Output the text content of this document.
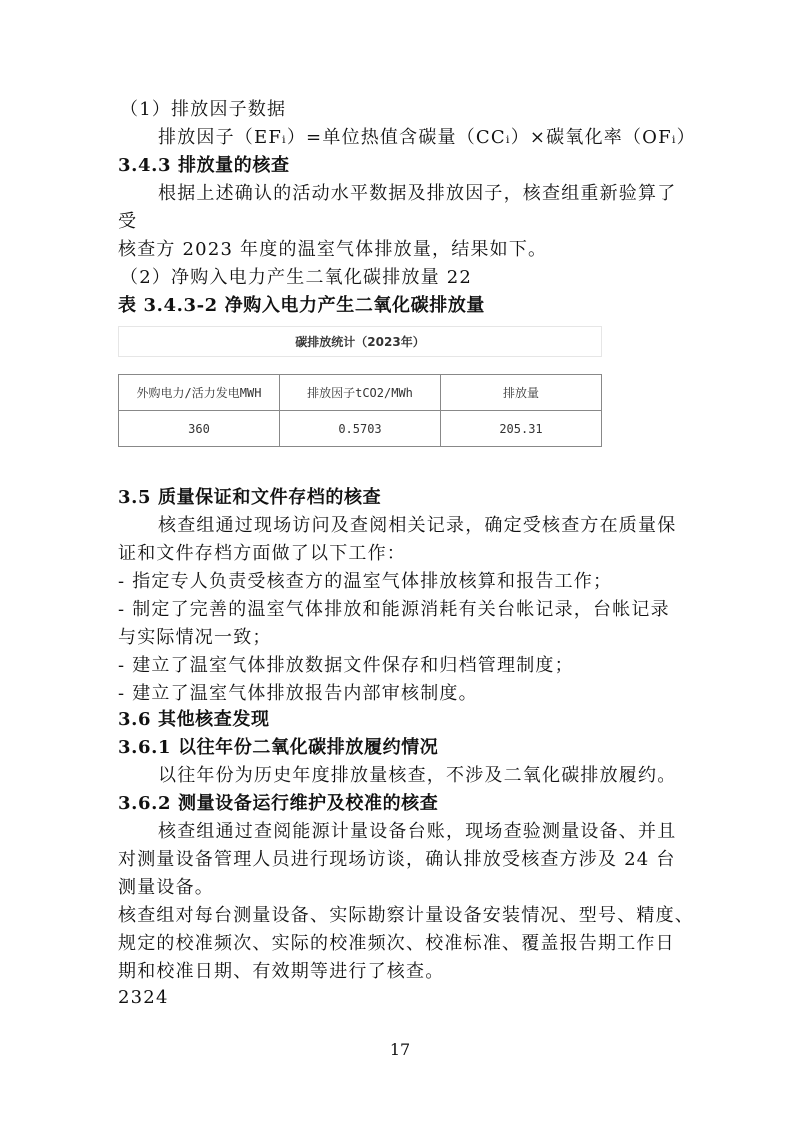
（1）排放因子数据
排放因子（EFᵢ）=单位热值含碳量（CCᵢ）×碳氧化率（OFᵢ）
3.4.3 排放量的核查
根据上述确认的活动水平数据及排放因子，核查组重新验算了
受
核查方 2023 年度的温室气体排放量，结果如下。
（2）净购入电力产生二氧化碳排放量 22
表 3.4.3-2 净购入电力产生二氧化碳排放量
碳排放统计（2023年）
外购电力/活力发电MWH	排放因子tCO2/MWh	排放量
360	0.5703	205.31
3.5 质量保证和文件存档的核查
核查组通过现场访问及查阅相关记录，确定受核查方在质量保
证和文件存档方面做了以下工作：
- 指定专人负责受核查方的温室气体排放核算和报告工作；
- 制定了完善的温室气体排放和能源消耗有关台帐记录，台帐记录
与实际情况一致；
- 建立了温室气体排放数据文件保存和归档管理制度；
- 建立了温室气体排放报告内部审核制度。
3.6 其他核查发现
3.6.1 以往年份二氧化碳排放履约情况
以往年份为历史年度排放量核查，不涉及二氧化碳排放履约。
3.6.2 测量设备运行维护及校准的核查
核查组通过查阅能源计量设备台账，现场查验测量设备、并且
对测量设备管理人员进行现场访谈，确认排放受核查方涉及 24 台
测量设备。
核查组对每台测量设备、实际勘察计量设备安装情况、型号、精度、
规定的校准频次、实际的校准频次、校准标准、覆盖报告期工作日
期和校准日期、有效期等进行了核查。
2324
17
